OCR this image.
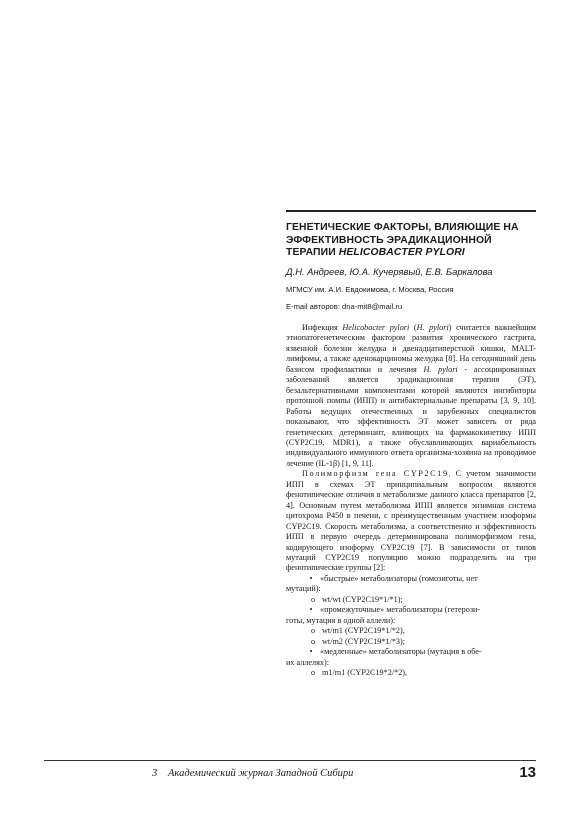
ГЕНЕТИЧЕСКИЕ ФАКТОРЫ, ВЛИЯЮЩИЕ НА ЭФФЕКТИВНОСТЬ ЭРАДИКАЦИОННОЙ ТЕРАПИИ HELICOBACTER PYLORI
Д.Н. Андреев, Ю.А. Кучерявый, Е.В. Баркалова
МГМСУ им. А.И. Евдокимова, г. Москва, Россия
E-mail авторов: dna-mit8@mail.ru

Инфекция Helicobacter pylori (H. pylori) считается важнейшим этиопатогенетическим фактором развития хронического гастрита, язвенной болезни желудка и двенадцатиперстной кишки, MALT-лимфомы, а также аденокарциномы желудка [8]. На сегодняшний день базисом профилактики и лечения H. pylori - ассоциированных заболеваний является эрадикационная терапия (ЭТ), безальтернативными компонентами которой являются ингибиторы протонной помпы (ИПП) и антибактериальные препараты [3, 9, 10]. Работы ведущих отечественных и зарубежных специалистов показывают, что эффективность ЭТ может зависеть от ряда генетических детерминант, влияющих на фармакокинетику ИПП (CYP2C19, MDR1), а также обуславливающих вариабельность индивидуального иммунного ответа организма-хозяина на проводимое лечение (IL-1β) [1, 9, 11].

Полиморфизм гена CYP2C19. С учетом значимости ИПП в схемах ЭТ принципиальным вопросом являются фенотипические отличия в метаболизме данного класса препаратов [2, 4]. Основным путем метаболизма ИПП является энзимная система цитохрома P450 в печени, с преимущественным участием изоформы CYP2C19. Скорость метаболизма, а соответственно и эффективность ИПП в первую очередь детерминирована полиморфизмом гена, кодирующего изоформу CYP2C19 [7]. В зависимости от типов мутаций CYP2C19 популяцию можно подразделить на три фенотипические группы [2]:

• «быстрые» метаболизаторы (гомозиготы, нет
мутаций):
o wt/wt (CYP2C19*1/*1);
• «промежуточные» метаболизаторы (гетерози-
готы, мутация в одной аллели):
o wt/m1 (CYP2C19*1/*2),
o wt/m2 (CYP2C19*1/*3);
• «медленные» метаболизаторы (мутация в обе-
их аллелях):
o m1/m1 (CYP2C19*2/*2),
3 Академический журнал Западной Сибири	13
